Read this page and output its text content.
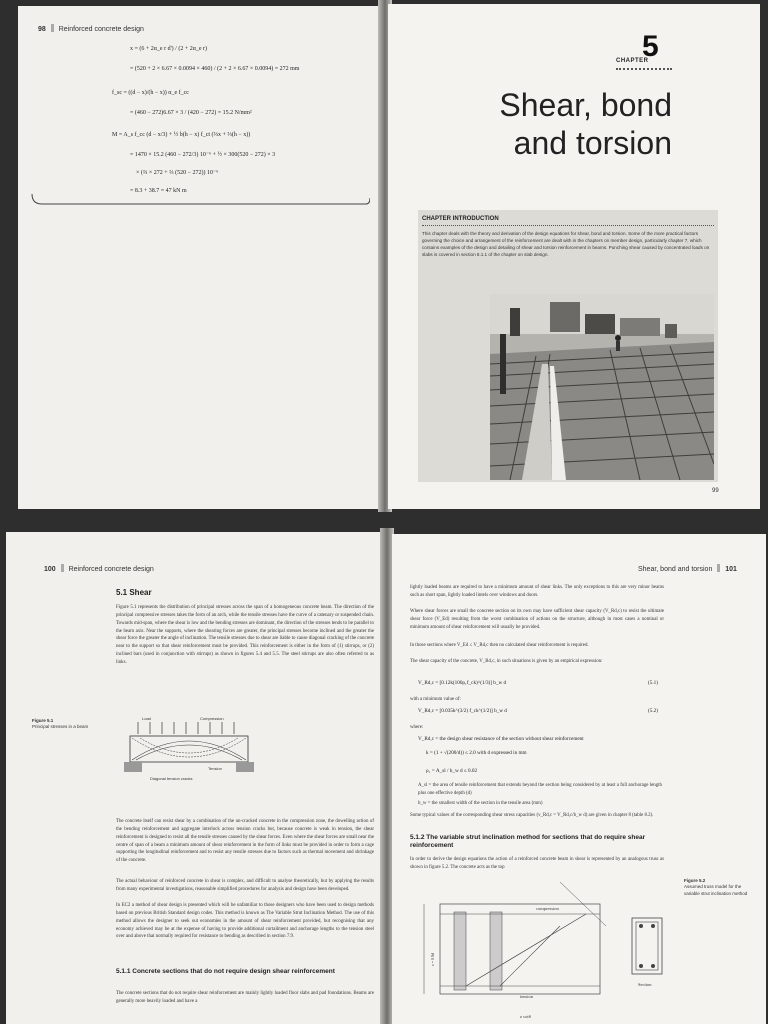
98 Reinforced concrete design
x = (6 + 2α_e r d') / (2 + 2α_e r)
= (520 + 2 × 6.67 × 0.0094 × 460) / (2 + 2 × 6.67 × 0.0094) = 272 mm
f_sc = ((d − x)/(h − x)) α_e f_cc
= (460 − 272)6.67 × 3 / (420 − 272) = 15.2 N/mm²
M = A_s f_cc (d − x/3) + ½ b(h − x) f_ct (⅔x + ⅔(h − x))
= 1470 × 15.2 (460 − 272/3) 10⁻⁶ + ½ × 300(520 − 272) × 3
× (⅔ × 272 + ⅔ (520 − 272)) 10⁻⁶
= 8.3 + 38.7 = 47 kN m
CHAPTER
5
Shear, bond
and torsion
CHAPTER INTRODUCTION
This chapter deals with the theory and derivation of the design equations for shear, bond and torsion. Some of the more practical factors governing the choice and arrangement of the reinforcement are dealt with in the chapters on member design, particularly chapter 7, which contains examples of the design and detailing of shear and torsion reinforcement in beams. Punching shear caused by concentrated loads on slabs is covered in section 8.1.1 of the chapter on slab design.
99
100 Reinforced concrete design
5.1 Shear
Figure 5.1 represents the distribution of principal stresses across the span of a homogeneous concrete beam. The direction of the principal compressive stresses takes the form of an arch, while the tensile stresses have the curve of a catenary or suspended chain. Towards mid-span, where the shear is low and the bending stresses are dominant, the direction of the stresses tends to be parallel to the beam axis. Near the supports, where the shearing forces are greater, the principal stresses become inclined and the greater the shear force the greater the angle of inclination. The tensile stresses due to shear are liable to cause diagonal cracking of the concrete near to the support so that shear reinforcement must be provided. This reinforcement is either in the form of (1) stirrups, or (2) inclined bars (used in conjunction with stirrups) as shown in figures 5.4 and 5.5. The steel stirrups are also often referred to as links.
Figure 5.1
Principal stresses in a beam
Load	Compression
Tension
Diagonal tension cracks
The concrete itself can resist shear by a combination of the un-cracked concrete in the compression zone, the dowelling action of the bending reinforcement and aggregate interlock across tension cracks but, because concrete is weak in tension, the shear reinforcement is designed to resist all the tensile stresses caused by the shear forces. Even where the shear forces are small near the centre of span of a beam a minimum amount of shear reinforcement in the form of links must be provided in order to form a cage supporting the longitudinal reinforcement and to resist any tensile stresses due to factors such as thermal movement and shrinkage of the concrete.
The actual behaviour of reinforced concrete in shear is complex, and difficult to analyse theoretically, but by applying the results from many experimental investigations, reasonable simplified procedures for analysis and design have been developed.
In EC2 a method of shear design is presented which will be unfamiliar to those designers who have been used to design methods based on previous British Standard design codes. This method is known as The Variable Strut Inclination Method. The use of this method allows the designer to seek out economies in the amount of shear reinforcement provided, but recognising that any economy achieved may be at the expense of having to provide additional curtailment and anchorage lengths to the tension steel over and above that normally required for resistance to bending as described in section 7.9.
5.1.1 Concrete sections that do not require design shear reinforcement
The concrete sections that do not require shear reinforcement are mainly lightly loaded floor slabs and pad foundations. Beams are generally more heavily loaded and have a
Shear, bond and torsion 101
lightly loaded beams are required to have a minimum amount of shear links. The only exceptions to this are very minor beams such as short span, lightly loaded lintels over windows and doors.
Where shear forces are small the concrete section on its own may have sufficient shear capacity (V_Rd,c) to resist the ultimate shear force (V_Ed) resulting from the worst combination of actions on the structure, although in most cases a nominal or minimum amount of shear reinforcement will usually be provided.
In those sections where V_Ed ≤ V_Rd,c then no calculated shear reinforcement is required.
The shear capacity of the concrete, V_Rd,c, in such situations is given by an empirical expression:
V_Rd,c = [0.12k(100ρ₁f_ck)^(1/3)] b_w d	(5.1)
with a minimum value of:
V_Rd,c = [0.035k^(3/2) f_ck^(1/2)] b_w d	(5.2)
where:
V_Rd,c = the design shear resistance of the section without shear reinforcement
k = (1 + √(200/d)) ≤ 2.0 with d expressed in mm
ρ₁ = A_sl / b_w d ≤ 0.02
A_sl = the area of tensile reinforcement that extends beyond the section being considered by at least a full anchorage length plus one effective depth (d)
b_w = the smallest width of the section in the tensile area (mm)
Some typical values of the corresponding shear stress capacities (v_Rd,c = V_Rd,c/b_w d) are given in chapter 8 (table 8.2).
5.1.2 The variable strut inclination method for sections that do require shear reinforcement
In order to derive the design equations the action of a reinforced concrete beam in shear is represented by an analogous truss as shown in figure 5.2. The concrete acts as the top
Figure 5.2
Assumed truss model for the variable strut inclination method
compression
tension
z cotθ
Section
z = 0.9d
